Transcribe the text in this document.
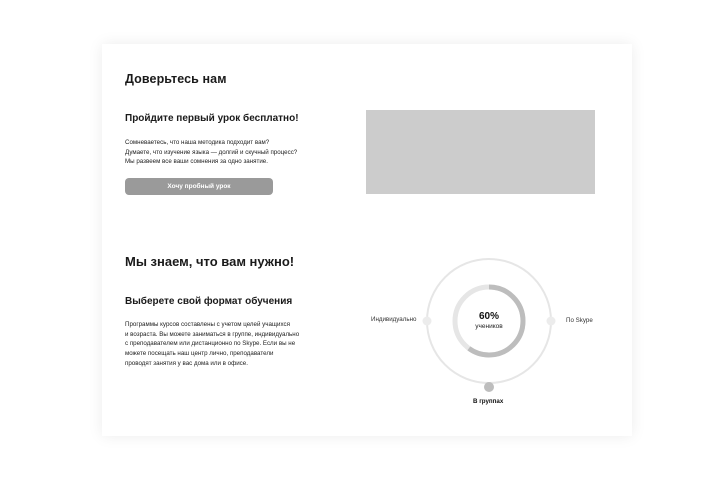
Доверьтесь нам
Пройдите первый урок бесплатно!
Сомневаетесь, что наша методика подходит вам?
Думаете, что изучение языка — долгий и скучный процесс?
Мы развеем все ваши сомнения за одно занятие.
Хочу пробный урок
Мы знаем, что вам нужно!
Выберете свой формат обучения
Программы курсов составлены с учетом целей учащихся
и возраста. Вы можете заниматься в группе, индивидуально
с преподавателем или дистанционно по Skype. Если вы не
можете посещать наш центр лично, преподаватели
проводят занятия у вас дома или в офисе.
Индивидуально	По Skype
В группах
60%
учеников
